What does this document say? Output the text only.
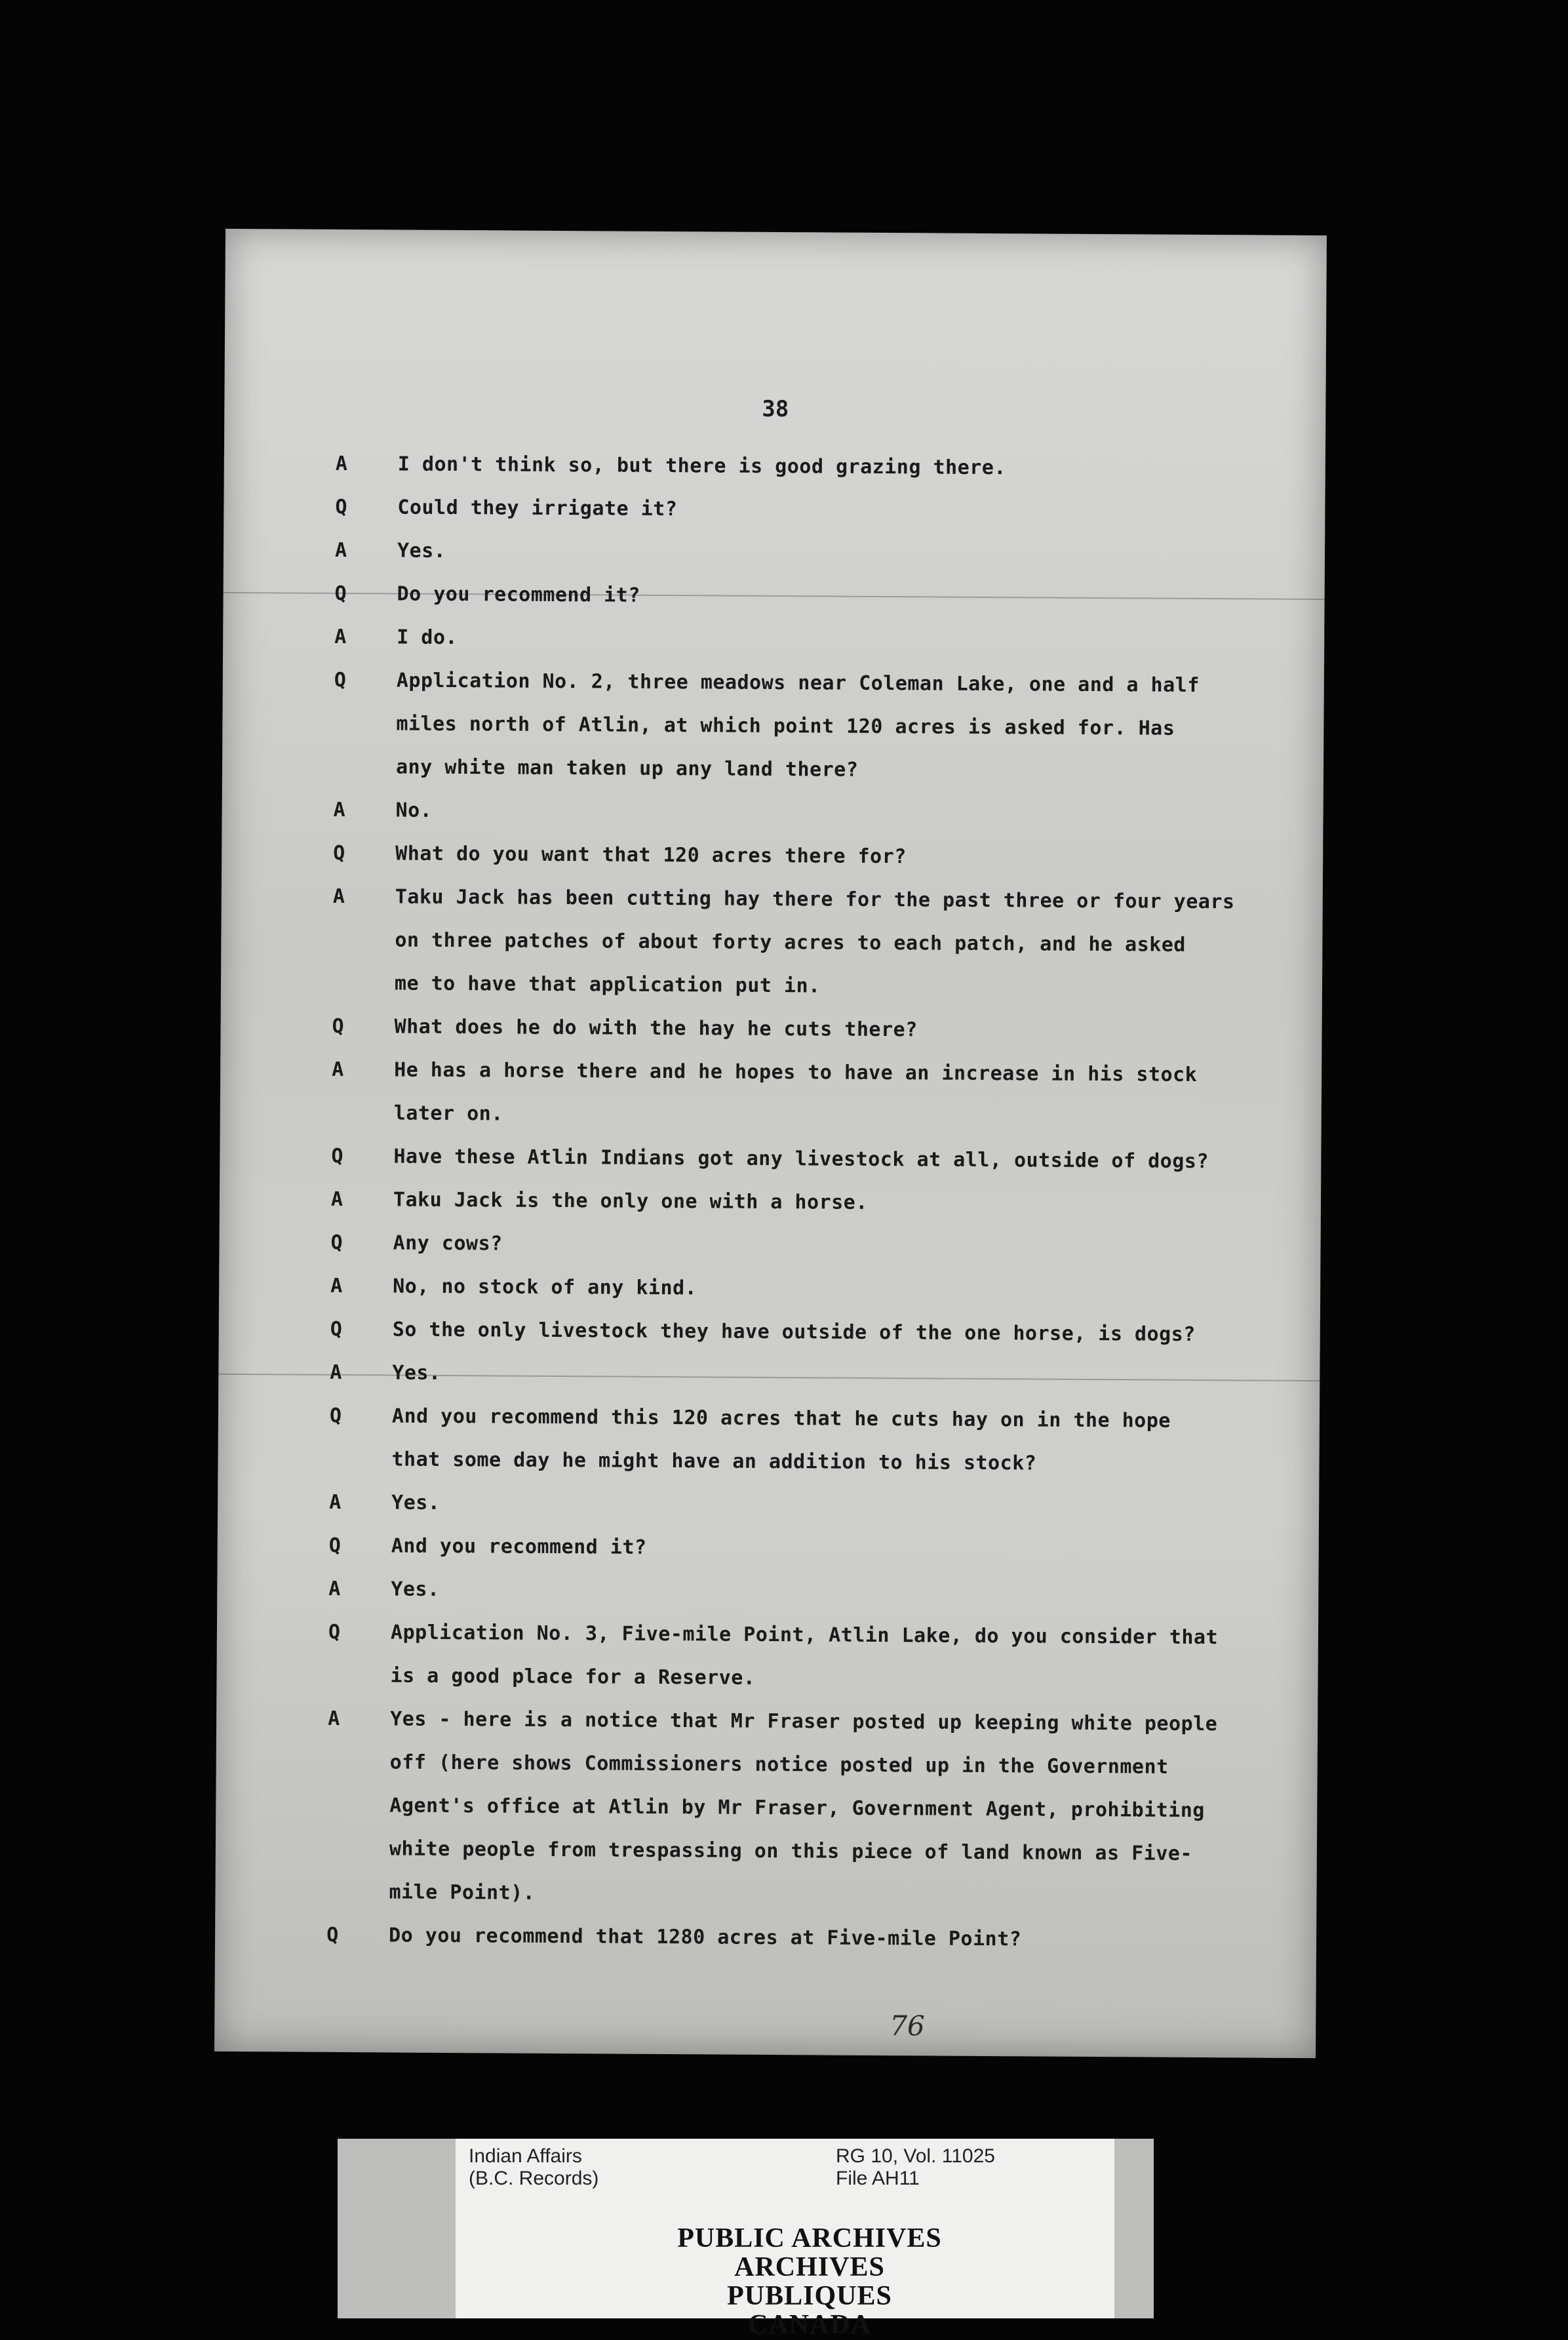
38
A	I don't think so, but there is good grazing there.
Q	Could they irrigate it?
A	Yes.
Q	Do you recommend it?
A	I do.
Q	Application No. 2, three meadows near Coleman Lake, one and a half
miles north of Atlin, at which point 120 acres is asked for. Has
any white man taken up any land there?
A	No.
Q	What do you want that 120 acres there for?
A	Taku Jack has been cutting hay there for the past three or four years
on three patches of about forty acres to each patch, and he asked
me to have that application put in.
Q	What does he do with the hay he cuts there?
A	He has a horse there and he hopes to have an increase in his stock
later on.
Q	Have these Atlin Indians got any livestock at all, outside of dogs?
A	Taku Jack is the only one with a horse.
Q	Any cows?
A	No, no stock of any kind.
Q	So the only livestock they have outside of the one horse, is dogs?
A	Yes.
Q	And you recommend this 120 acres that he cuts hay on in the hope
that some day he might have an addition to his stock?
A	Yes.
Q	And you recommend it?
A	Yes.
Q	Application No. 3, Five-mile Point, Atlin Lake, do you consider that
is a good place for a Reserve.
A	Yes - here is a notice that Mr Fraser posted up keeping white people
off (here shows Commissioners notice posted up in the Government
Agent's office at Atlin by Mr Fraser, Government Agent, prohibiting
white people from trespassing on this piece of land known as Five-
mile Point).
Q	Do you recommend that 1280 acres at Five-mile Point?
76
Indian Affairs
(B.C. Records)
RG 10, Vol. 11025
File AH11
PUBLIC ARCHIVES
ARCHIVES PUBLIQUES
CANADA
